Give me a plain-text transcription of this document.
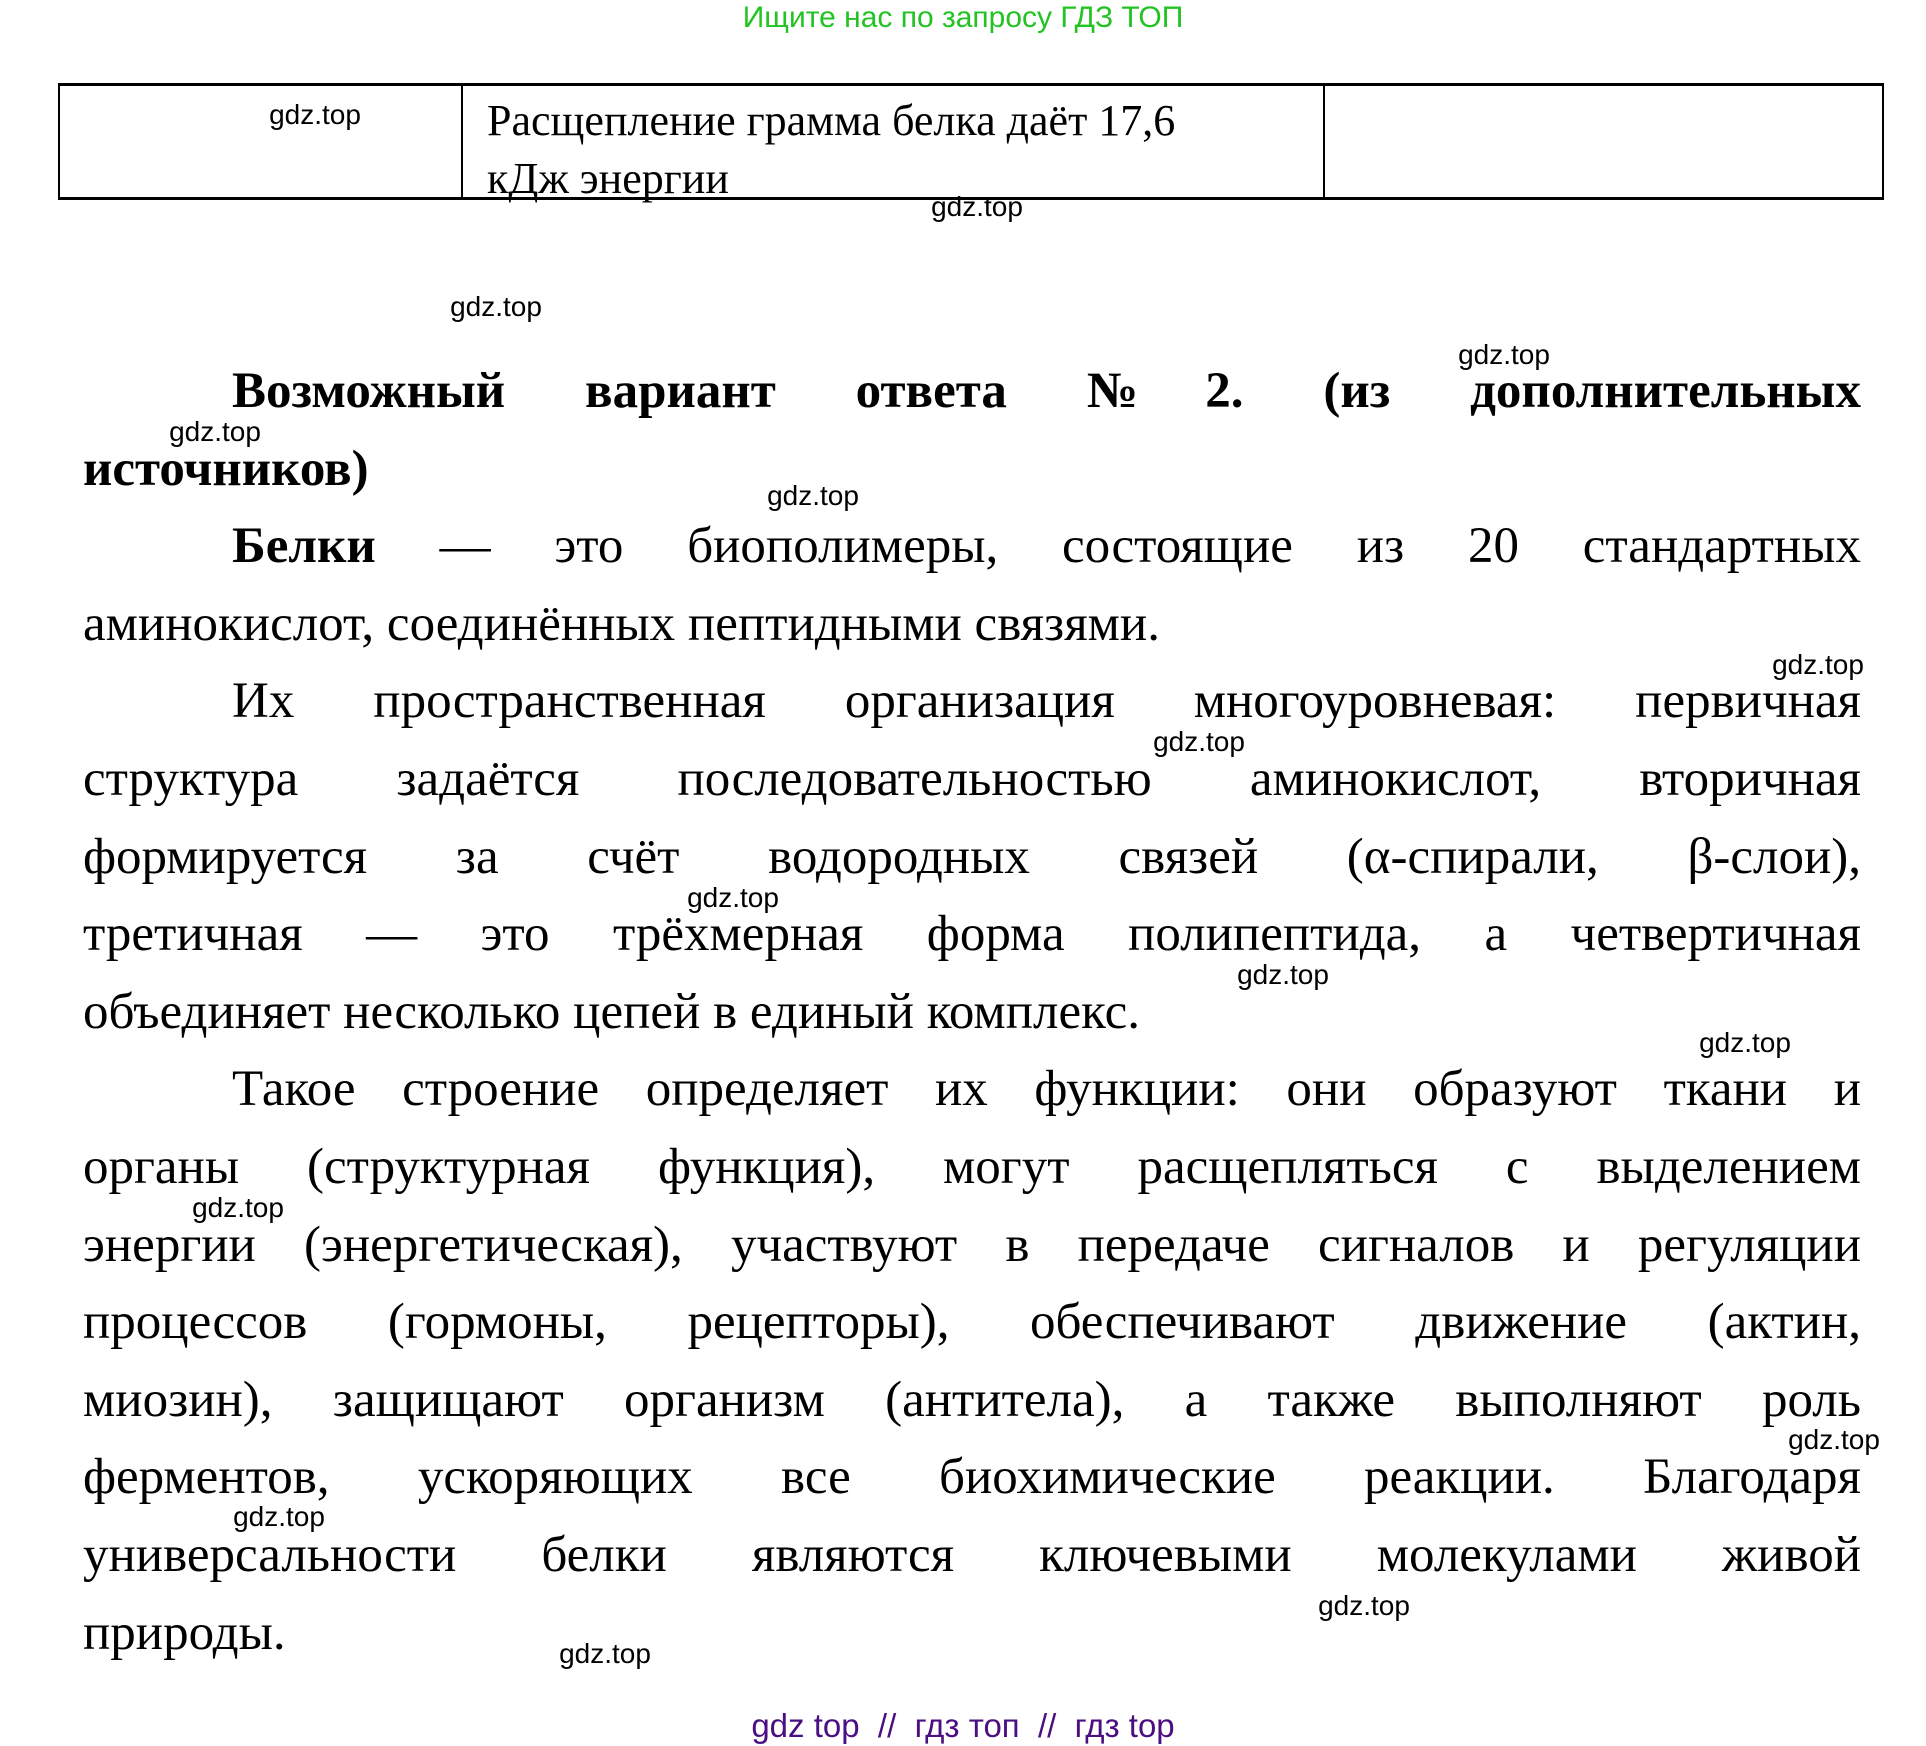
Ищите нас по запросу ГДЗ ТОП
Расщепление грамма белка даёт 17,6
кДж энергии
Возможный вариант ответа №2. (из дополнительных
источников)
Белки — это биополимеры, состоящие из 20 стандартных
аминокислот, соединённых пептидными связями.
Их пространственная организация многоуровневая: первичная
структура задаётся последовательностью аминокислот, вторичная
формируется за счёт водородных связей (α-спирали, β-слои),
третичная — это трёхмерная форма полипептида, а четвертичная
объединяет несколько цепей в единый комплекс.
Такое строение определяет их функции: они образуют ткани и
органы (структурная функция), могут расщепляться с выделением
энергии (энергетическая), участвуют в передаче сигналов и регуляции
процессов (гормоны, рецепторы), обеспечивают движение (актин,
миозин), защищают организм (антитела), а также выполняют роль
ферментов, ускоряющих все биохимические реакции. Благодаря
универсальности белки являются ключевыми молекулами живой
природы.
gdz.top
gdz.top
gdz.top
gdz.top
gdz.top
gdz.top
gdz.top
gdz.top
gdz.top
gdz.top
gdz.top
gdz.top
gdz.top
gdz.top
gdz.top
gdz.top
gdz top  //  гдз топ  //  гдз top
